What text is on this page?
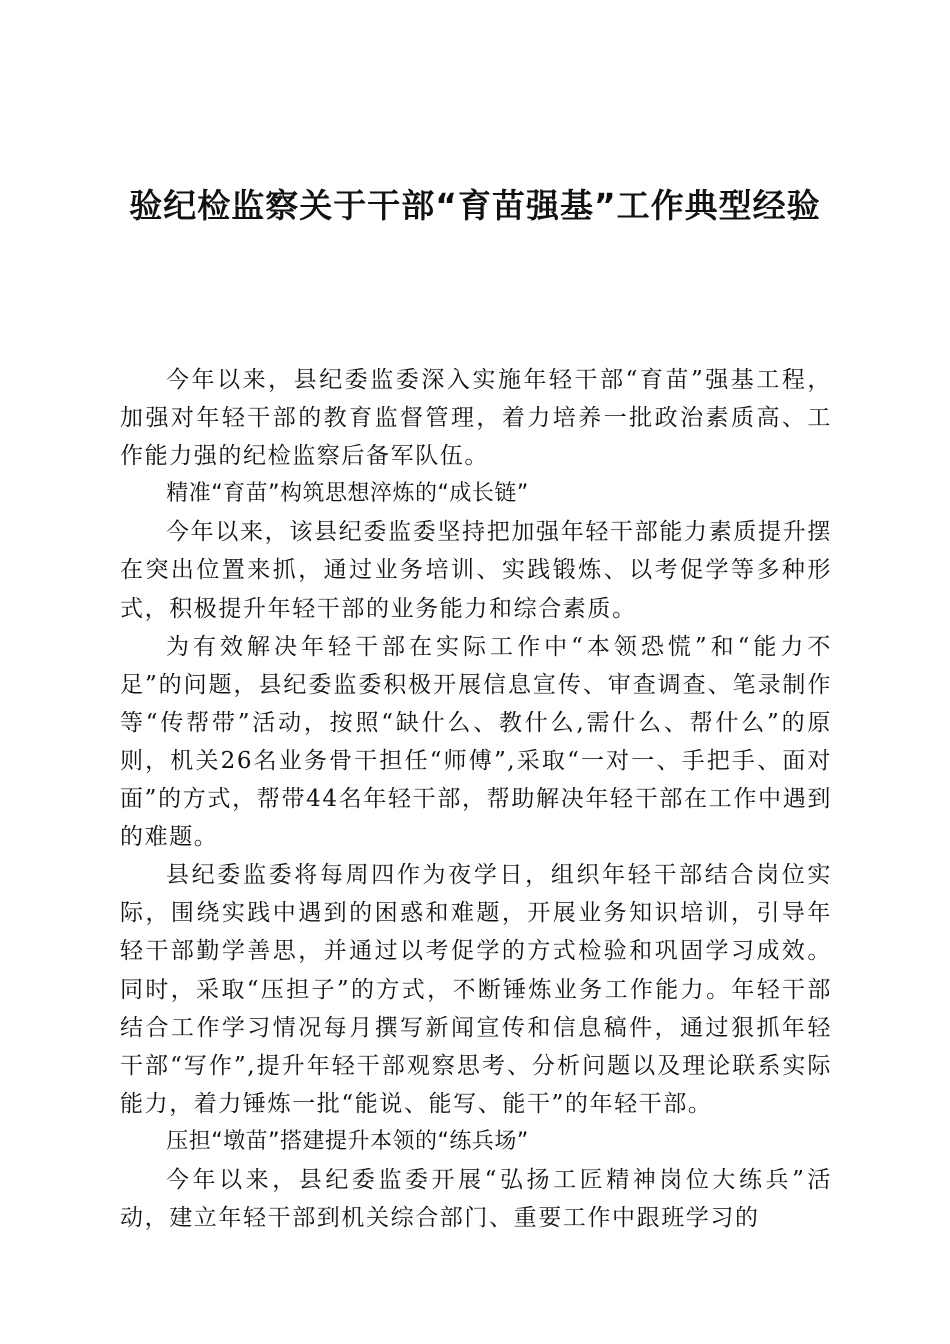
验纪检监察关于干部“育苗强基”工作典型经验

今年以来，县纪委监委深入实施年轻干部“育苗”强基工程，加强对年轻干部的教育监督管理，着力培养一批政治素质高、工作能力强的纪检监察后备军队伍。

精准“育苗”构筑思想淬炼的“成长链”

今年以来，该县纪委监委坚持把加强年轻干部能力素质提升摆在突出位置来抓，通过业务培训、实践锻炼、以考促学等多种形式，积极提升年轻干部的业务能力和综合素质。

为有效解决年轻干部在实际工作中“本领恐慌”和“能力不足”的问题，县纪委监委积极开展信息宣传、审查调查、笔录制作等“传帮带”活动，按照“缺什么、教什么,需什么、帮什么”的原则，机关26名业务骨干担任“师傅”,采取“一对一、手把手、面对面”的方式，帮带44名年轻干部，帮助解决年轻干部在工作中遇到的难题。

县纪委监委将每周四作为夜学日，组织年轻干部结合岗位实际，围绕实践中遇到的困惑和难题，开展业务知识培训，引导年轻干部勤学善思，并通过以考促学的方式检验和巩固学习成效。同时，采取“压担子”的方式，不断锤炼业务工作能力。年轻干部结合工作学习情况每月撰写新闻宣传和信息稿件，通过狠抓年轻干部“写作”,提升年轻干部观察思考、分析问题以及理论联系实际能力，着力锤炼一批“能说、能写、能干”的年轻干部。

压担“墩苗”搭建提升本领的“练兵场”

今年以来，县纪委监委开展“弘扬工匠精神岗位大练兵”活动，建立年轻干部到机关综合部门、重要工作中跟班学习的
